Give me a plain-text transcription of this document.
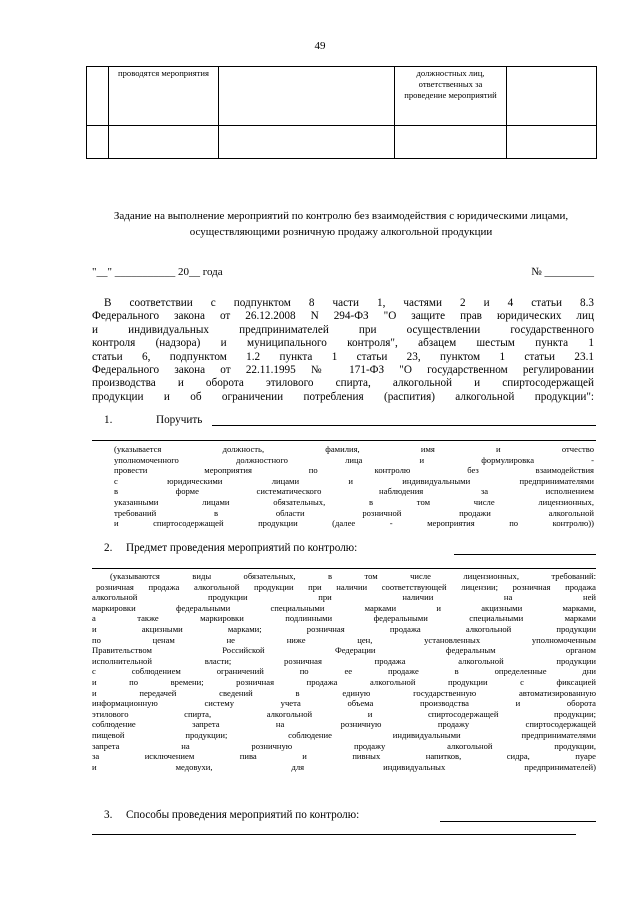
49
	проводятся мероприятия		должностных лиц, ответственных за проведение мероприятий	

Задание на выполнение мероприятий по контролю без взаимодействия с юридическими лицами,
осуществляющими розничную продажу алкогольной продукции
"__" ___________ 20__ года	№ _________
В соответствии с подпунктом 8 части 1, частями 2 и 4 статьи 8.3
Федерального закона от 26.12.2008 N 294-ФЗ "О защите прав юридических лиц
и индивидуальных предпринимателей при осуществлении государственного
контроля (надзора) и муниципального контроля", абзацем шестым пункта 1
статьи 6, подпунктом 1.2 пункта 1 статьи 23, пунктом 1 статьи 23.1
Федерального закона от 22.11.1995 № 171-ФЗ "О государственном регулировании
производства и оборота этилового спирта, алкогольной и спиртосодержащей
продукции и об ограничении потребления (распития) алкогольной продукции":
1.	Поручить
(указывается должность, фамилия, имя и отчество
уполномоченного должностного лица и формулировка -
провести мероприятия по контролю без взаимодействия
с юридическими лицами и индивидуальными предпринимателями
в форме систематического наблюдения за исполнением
указанными лицами обязательных, в том числе лицензионных,
требований в области розничной продажи алкогольной
и спиртосодержащей продукции (далее - мероприятия по контролю))
2. Предмет проведения мероприятий по контролю:
(указываются виды обязательных, в том числе лицензионных, требований:
розничная продажа алкогольной продукции при наличии соответствующей лицензии; розничная продажа
алкогольной продукции при наличии на ней
маркировки федеральными специальными марками и акцизными марками,
а также маркировки подлинными федеральными специальными марками
и акцизными марками; розничная продажа алкогольной продукции
по ценам не ниже цен, установленных уполномоченным
Правительством Российской Федерации федеральным органом
исполнительной власти; розничная продажа алкогольной продукции
с соблюдением ограничений по ее продаже в определенные дни
и по времени; розничная продажа алкогольной продукции с фиксацией
и передачей сведений в единую государственную автоматизированную
информационную систему учета объема производства и оборота
этилового спирта, алкогольной и спиртосодержащей продукции;
соблюдение запрета на розничную продажу спиртосодержащей
пищевой продукции; соблюдение индивидуальными предпринимателями
запрета на розничную продажу алкогольной продукции,
за исключением пива и пивных напитков, сидра, пуаре
и медовухи, для индивидуальных предпринимателей)
3. Способы проведения мероприятий по контролю:
